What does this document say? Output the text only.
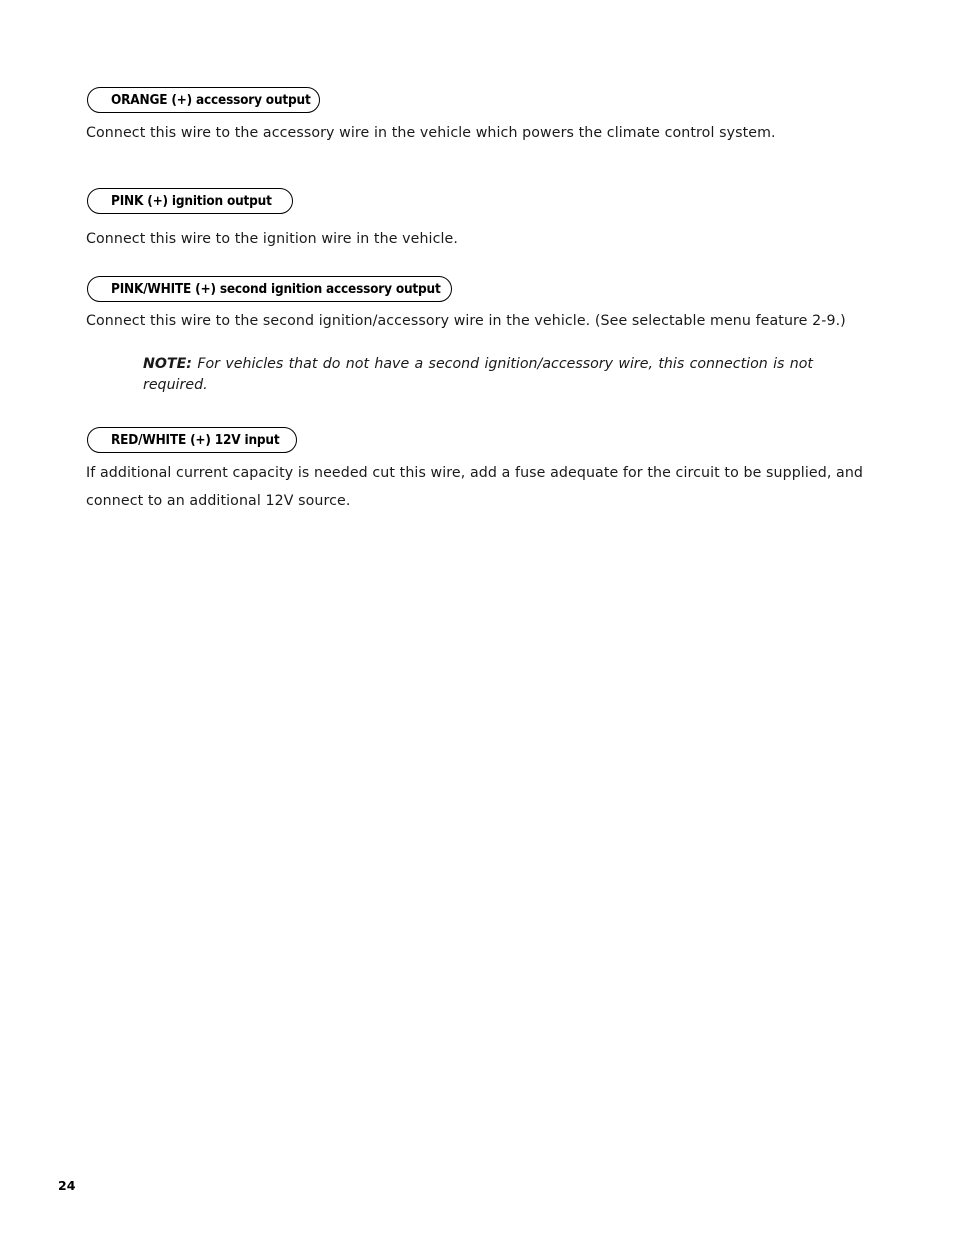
ORANGE (+) accessory output
Connect this wire to the accessory wire in the vehicle which powers the climate control system.
PINK (+) ignition output
Connect this wire to the ignition wire in the vehicle.
PINK/WHITE (+) second ignition accessory output
Connect this wire to the second ignition/accessory wire in the vehicle. (See selectable menu feature 2-9.)
NOTE: For vehicles that do not have a second ignition/accessory wire, this connection is not required.
RED/WHITE (+) 12V input
If additional current capacity is needed cut this wire, add a fuse adequate for the circuit to be supplied, and
connect to an additional 12V source.
24
